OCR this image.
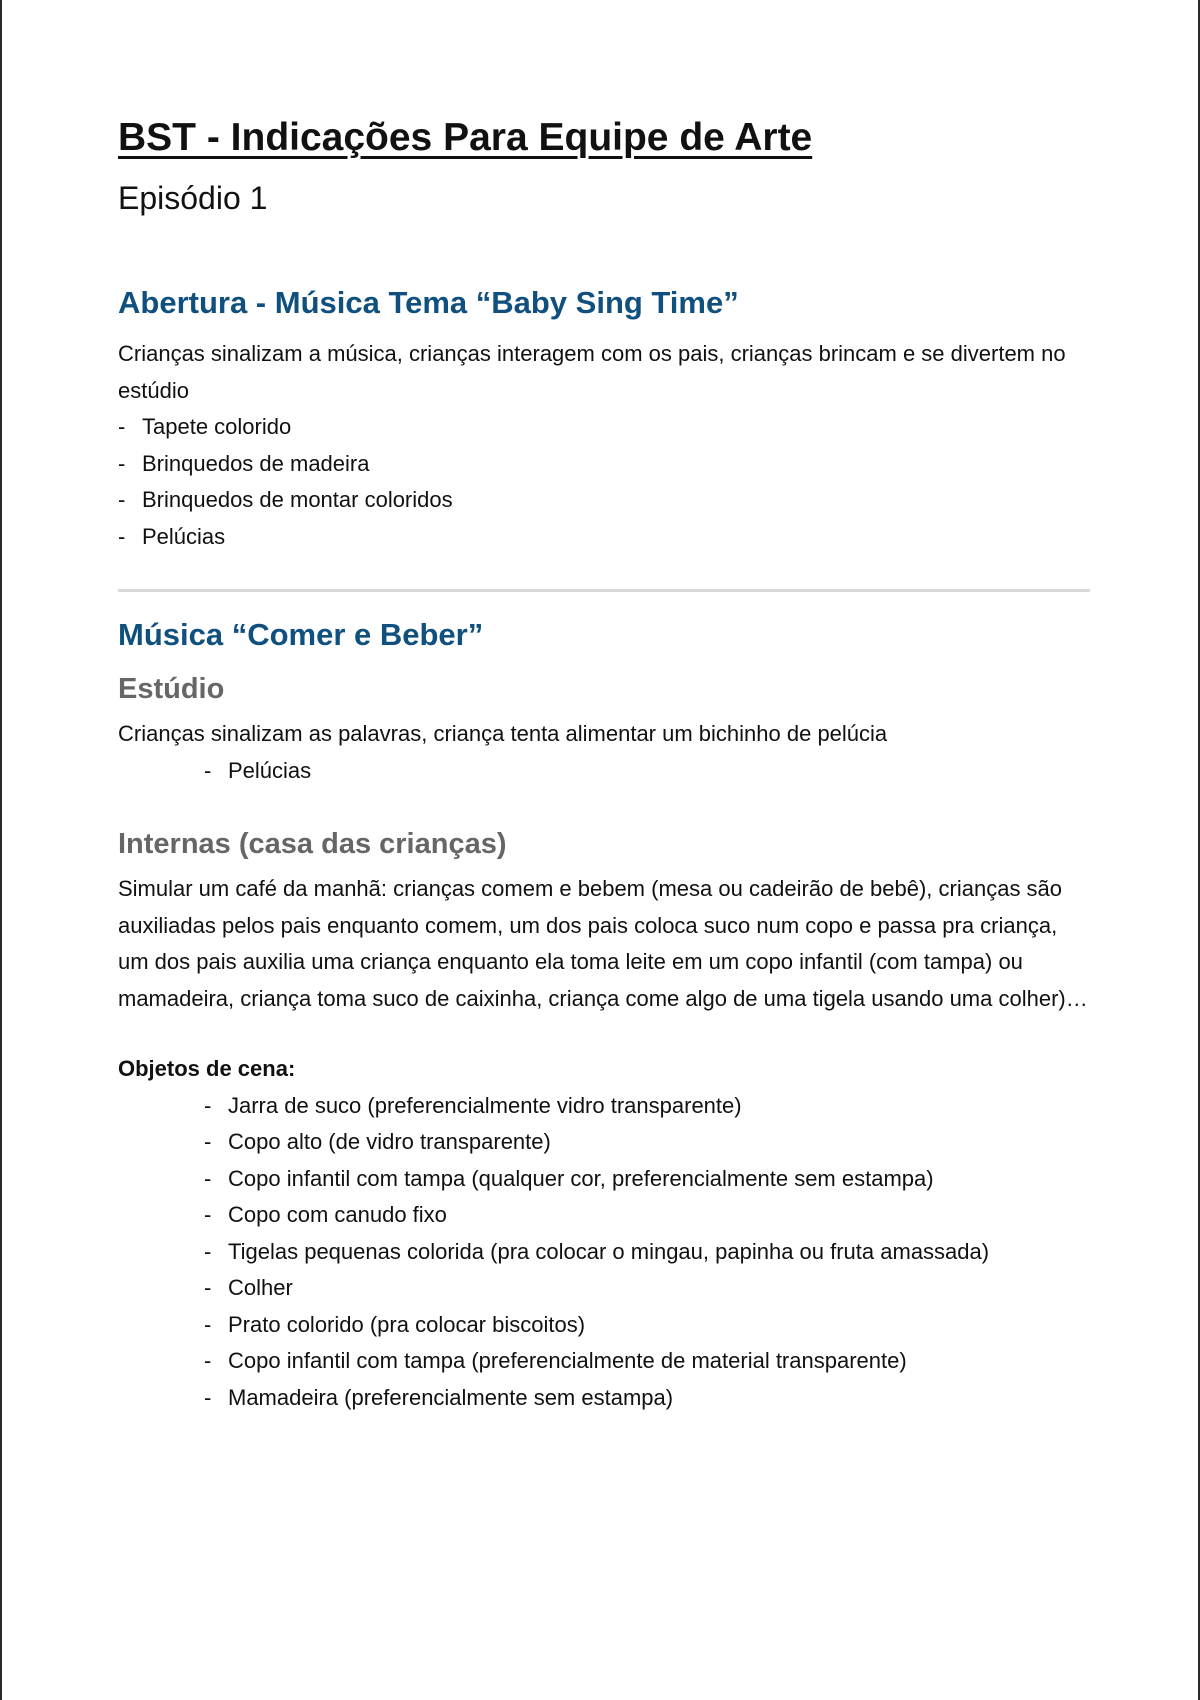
BST - Indicações Para Equipe de Arte
Episódio 1
Abertura - Música Tema “Baby Sing Time”

Crianças sinalizam a música, crianças interagem com os pais, crianças brincam e se divertem no estúdio

- Tapete colorido
- Brinquedos de madeira
- Brinquedos de montar coloridos
- Pelúcias
Música “Comer e Beber”
Estúdio

Crianças sinalizam as palavras, criança tenta alimentar um bichinho de pelúcia

- Pelúcias
Internas (casa das crianças)

Simular um café da manhã: crianças comem e bebem (mesa ou cadeirão de bebê), crianças são auxiliadas pelos pais enquanto comem, um dos pais coloca suco num copo e passa pra criança, um dos pais auxilia uma criança enquanto ela toma leite em um copo infantil (com tampa) ou mamadeira, criança toma suco de caixinha, criança come algo de uma tigela usando uma colher)…

Objetos de cena:
- Jarra de suco (preferencialmente vidro transparente)
- Copo alto (de vidro transparente)
- Copo infantil com tampa (qualquer cor, preferencialmente sem estampa)
- Copo com canudo fixo
- Tigelas pequenas colorida (pra colocar o mingau, papinha ou fruta amassada)
- Colher
- Prato colorido (pra colocar biscoitos)
- Copo infantil com tampa (preferencialmente de material transparente)
- Mamadeira (preferencialmente sem estampa)
